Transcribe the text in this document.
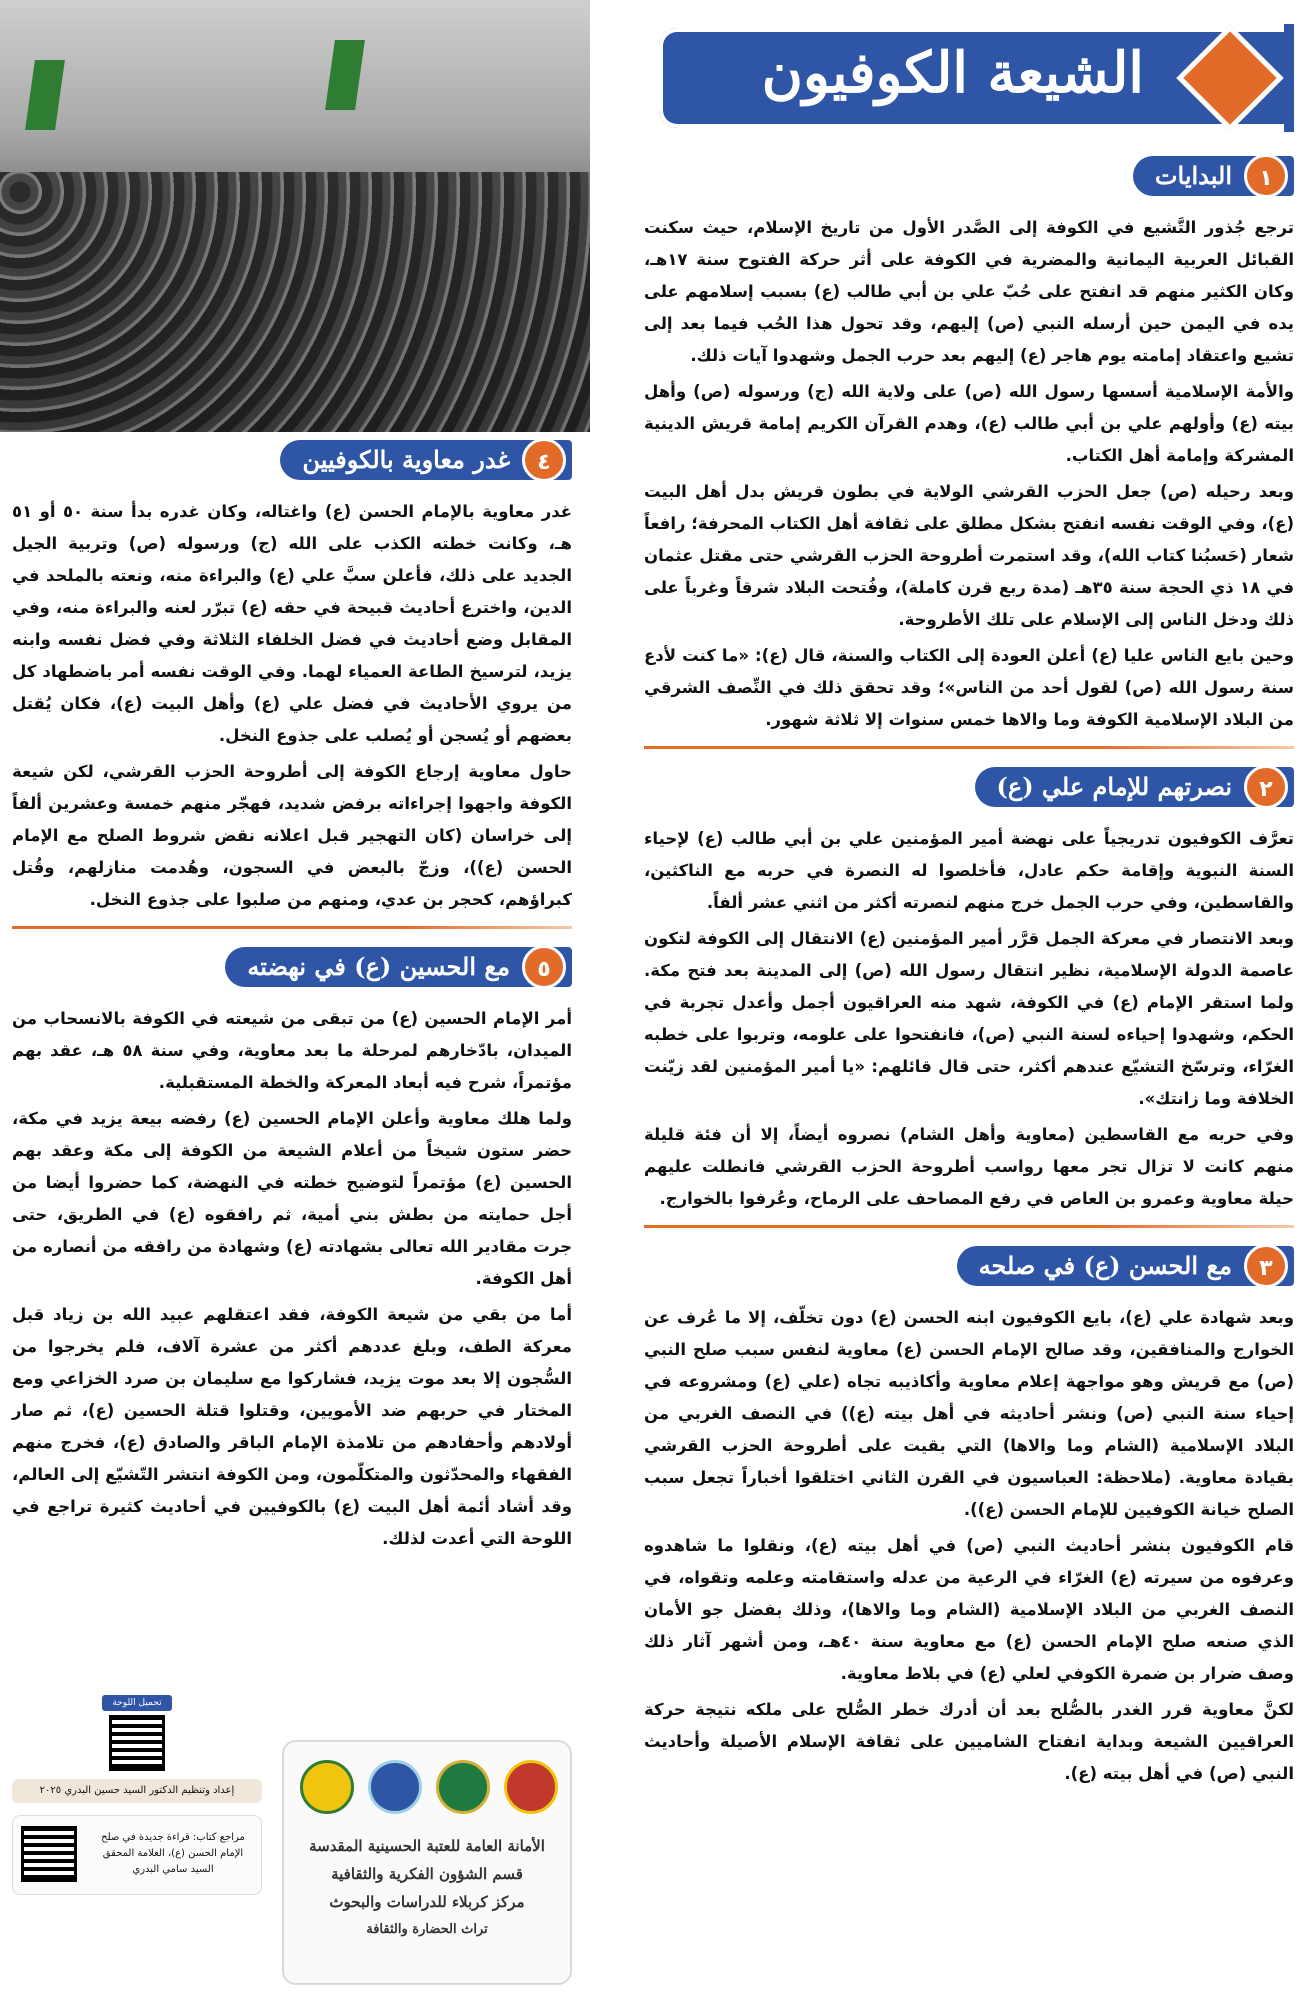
الشيعة الكوفيون
البدايات	١

ترجع جُذور التَّشيع في الكوفة إلى الصَّدر الأول من تاريخ الإسلام، حيث سكنت القبائل العربية اليمانية والمضرية في الكوفة على أثر حركة الفتوح سنة ١٧هـ، وكان الكثير منهم قد انفتح على حُبّ علي بن أبي طالب (ع) بسبب إسلامهم على يده في اليمن حين أرسله النبي (ص) إليهم، وقد تحول هذا الحُب فيما بعد إلى تشيع واعتقاد إمامته يوم هاجر (ع) إليهم بعد حرب الجمل وشهدوا آيات ذلك.

والأمة الإسلامية أسسها رسول الله (ص) على ولاية الله (ج) ورسوله (ص) وأهل بيته (ع) وأولهم علي بن أبي طالب (ع)، وهدم القرآن الكريم إمامة قريش الدينية المشركة وإمامة أهل الكتاب.

وبعد رحيله (ص) جعل الحزب القرشي الولاية في بطون قريش بدل أهل البيت (ع)، وفي الوقت نفسه انفتح بشكل مطلق على ثقافة أهل الكتاب المحرفة؛ رافعاً شعار (حَسبُنا كتاب الله)، وقد استمرت أطروحة الحزب القرشي حتى مقتل عثمان في ١٨ ذي الحجة سنة ٣٥هـ (مدة ربع قرن كاملة)، وفُتحت البلاد شرقاً وغرباً على ذلك ودخل الناس إلى الإسلام على تلك الأطروحة.

وحين بايع الناس عليا (ع) أعلن العودة إلى الكتاب والسنة، قال (ع): «ما كنت لأدع سنة رسول الله (ص) لقول أحد من الناس»؛ وقد تحقق ذلك في النِّصف الشرقي من البلاد الإسلامية الكوفة وما والاها خمس سنوات إلا ثلاثة شهور.

نصرتهم للإمام علي (ع)	٢

تعرَّف الكوفيون تدريجياً على نهضة أمير المؤمنين علي بن أبي طالب (ع) لإحياء السنة النبوية وإقامة حكم عادل، فأخلصوا له النصرة في حربه مع الناكثين، والقاسطين، وفي حرب الجمل خرج منهم لنصرته أكثر من اثني عشر ألفاً.

وبعد الانتصار في معركة الجمل قرَّر أمير المؤمنين (ع) الانتقال إلى الكوفة لتكون عاصمة الدولة الإسلامية، نظير انتقال رسول الله (ص) إلى المدينة بعد فتح مكة. ولما استقر الإمام (ع) في الكوفة، شهد منه العراقيون أجمل وأعدل تجربة في الحكم، وشهدوا إحياءه لسنة النبي (ص)، فانفتحوا على علومه، وتربوا على خطبه الغرّاء، وترسّخ التشيّع عندهم أكثر، حتى قال قائلهم: «يا أمير المؤمنين لقد زيّنت الخلافة وما زانتك».

وفي حربه مع القاسطين (معاوية وأهل الشام) نصروه أيضاً، إلا أن فئة قليلة منهم كانت لا تزال تجر معها رواسب أطروحة الحزب القرشي فانطلت عليهم حيلة معاوية وعمرو بن العاص في رفع المصاحف على الرماح، وعُرفوا بالخوارج.

مع الحسن (ع) في صلحه	٣

وبعد شهادة علي (ع)، بايع الكوفيون ابنه الحسن (ع) دون تخلّف، إلا ما عُرف عن الخوارج والمنافقين، وقد صالح الإمام الحسن (ع) معاوية لنفس سبب صلح النبي (ص) مع قريش وهو مواجهة إعلام معاوية وأكاذيبه تجاه (علي (ع) ومشروعه في إحياء سنة النبي (ص) ونشر أحاديثه في أهل بيته (ع)) في النصف الغربي من البلاد الإسلامية (الشام وما والاها) التي بقيت على أطروحة الحزب القرشي بقيادة معاوية. (ملاحظة: العباسيون في القرن الثاني اختلقوا أخباراً تجعل سبب الصلح خيانة الكوفيين للإمام الحسن (ع)).

قام الكوفيون بنشر أحاديث النبي (ص) في أهل بيته (ع)، ونقلوا ما شاهدوه وعرفوه من سيرته (ع) الغرّاء في الرعية من عدله واستقامته وعلمه وتقواه، في النصف الغربي من البلاد الإسلامية (الشام وما والاها)، وذلك بفضل جو الأمان الذي صنعه صلح الإمام الحسن (ع) مع معاوية سنة ٤٠هـ، ومن أشهر آثار ذلك وصف ضرار بن ضمرة الكوفي لعلي (ع) في بلاط معاوية.

لكنَّ معاوية قرر الغدر بالصُّلح بعد أن أدرك خطر الصُّلح على ملكه نتيجة حركة العراقيين الشيعة وبداية انفتاح الشاميين على ثقافة الإسلام الأصيلة وأحاديث النبي (ص) في أهل بيته (ع).

غدر معاوية بالكوفيين	٤

غدر معاوية بالإمام الحسن (ع) واغتاله، وكان غدره بدأ سنة ٥٠ أو ٥١ هـ، وكانت خطته الكذب على الله (ج) ورسوله (ص) وتربية الجيل الجديد على ذلك، فأعلن سبَّ علي (ع) والبراءة منه، ونعته بالملحد في الدين، واخترع أحاديث قبيحة في حقه (ع) تبرّر لعنه والبراءة منه، وفي المقابل وضع أحاديث في فضل الخلفاء الثلاثة وفي فضل نفسه وابنه يزيد، لترسيخ الطاعة العمياء لهما. وفي الوقت نفسه أمر باضطهاد كل من يروي الأحاديث في فضل علي (ع) وأهل البيت (ع)، فكان يُقتل بعضهم أو يُسجن أو يُصلب على جذوع النخل.

حاول معاوية إرجاع الكوفة إلى أطروحة الحزب القرشي، لكن شيعة الكوفة واجهوا إجراءاته برفض شديد، فهجّر منهم خمسة وعشرين ألفاً إلى خراسان (كان التهجير قبل اعلانه نقض شروط الصلح مع الإمام الحسن (ع))، وزجّ بالبعض في السجون، وهُدمت منازلهم، وقُتل كبراؤهم، كحجر بن عدي، ومنهم من صلبوا على جذوع النخل.

مع الحسين (ع) في نهضته	٥

أمر الإمام الحسين (ع) من تبقى من شيعته في الكوفة بالانسحاب من الميدان، بادّخارهم لمرحلة ما بعد معاوية، وفي سنة ٥٨ هـ، عقد بهم مؤتمراً، شرح فيه أبعاد المعركة والخطة المستقبلية.

ولما هلك معاوية وأعلن الإمام الحسين (ع) رفضه بيعة يزيد في مكة، حضر ستون شيخاً من أعلام الشيعة من الكوفة إلى مكة وعقد بهم الحسين (ع) مؤتمراً لتوضيح خطته في النهضة، كما حضروا أيضا من أجل حمايته من بطش بني أمية، ثم رافقوه (ع) في الطريق، حتى جرت مقادير الله تعالى بشهادته (ع) وشهادة من رافقه من أنصاره من أهل الكوفة.

أما من بقي من شيعة الكوفة، فقد اعتقلهم عبيد الله بن زياد قبل معركة الطف، وبلغ عددهم أكثر من عشرة آلاف، فلم يخرجوا من السُّجون إلا بعد موت يزيد، فشاركوا مع سليمان بن صرد الخزاعي ومع المختار في حربهم ضد الأمويين، وقتلوا قتلة الحسين (ع)، ثم صار أولادهم وأحفادهم من تلامذة الإمام الباقر والصادق (ع)، فخرج منهم الفقهاء والمحدّثون والمتكلّمون، ومن الكوفة انتشر التّشيّع إلى العالم، وقد أشاد أئمة أهل البيت (ع) بالكوفيين في أحاديث كثيرة تراجع في اللوحة التي أعدت لذلك.

تحميل اللوحة
إعداد وتنظيم الدكتور السيد حسين البدري ٢٠٢٥
مراجع كتاب: قراءة جديدة في صلح الإمام الحسن (ع)، العلامة المحقق السيد سامي البدري
الأمانة العامة للعتبة الحسينية المقدسة
قسم الشؤون الفكرية والثقافية
مركز كربلاء للدراسات والبحوث
تراث الحضارة والثقافة
